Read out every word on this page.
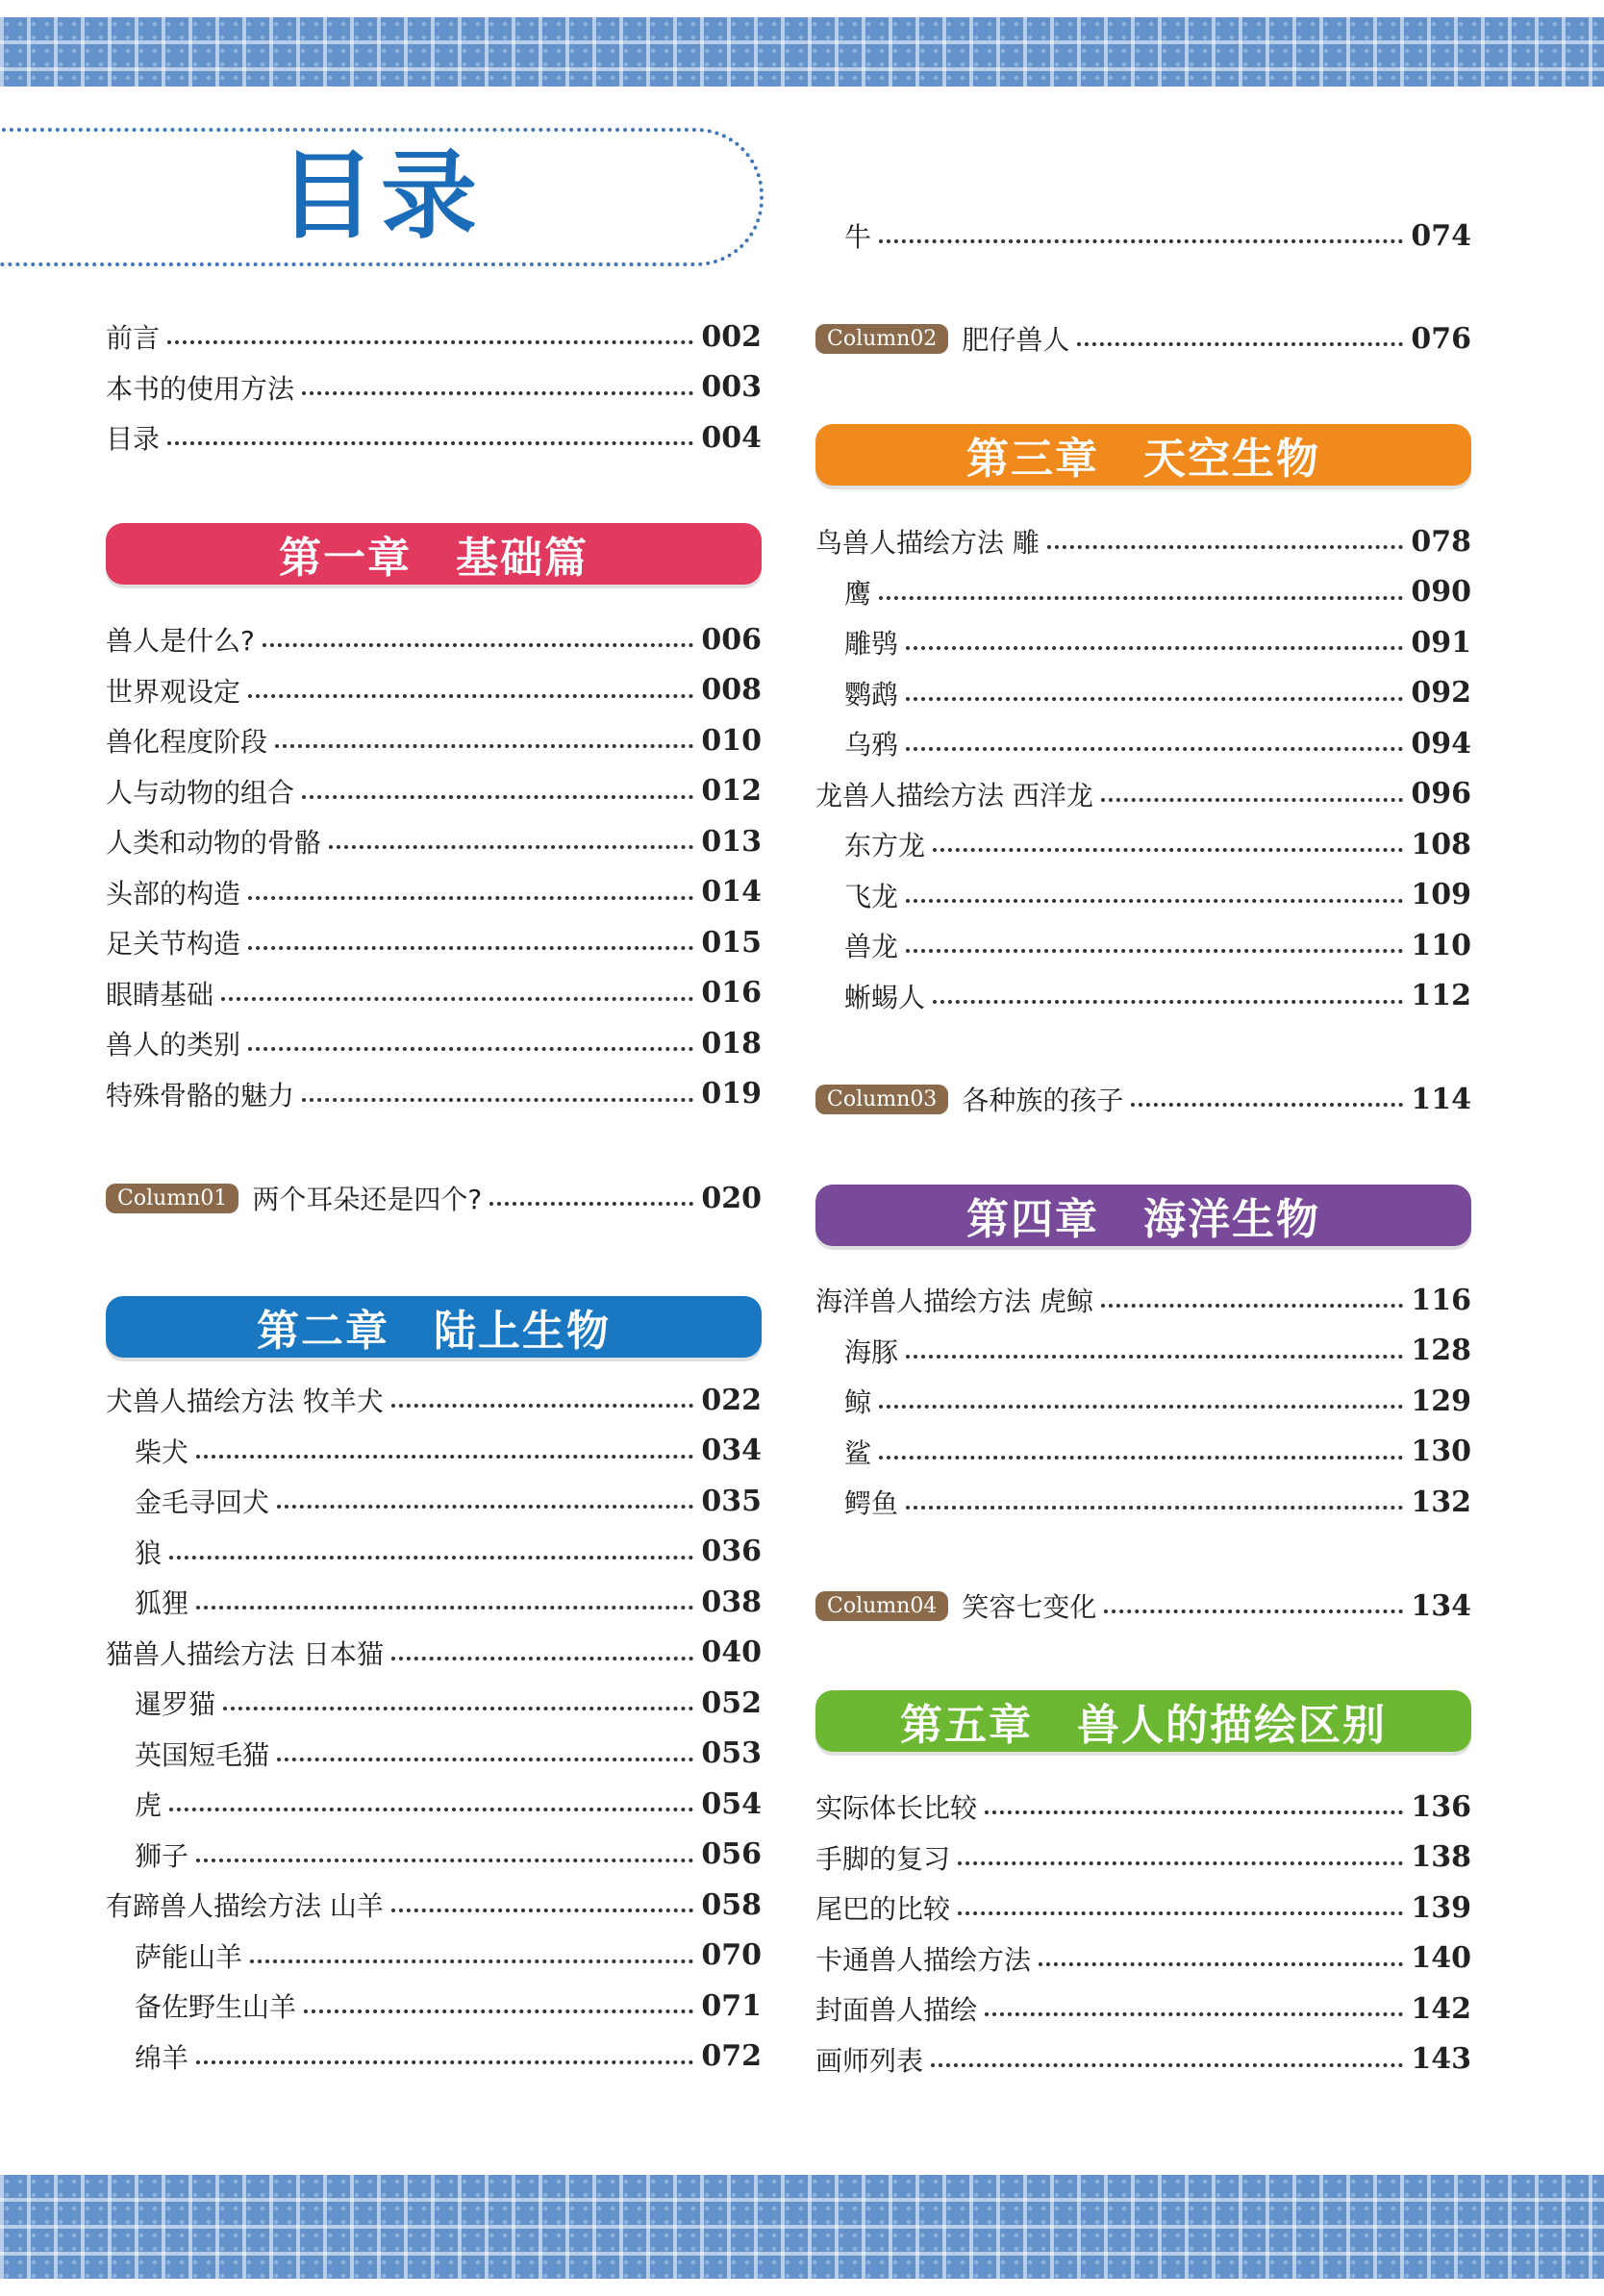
目录
前言	002
本书的使用方法	003
目录	004
第一章　基础篇
兽人是什么?	006
世界观设定	008
兽化程度阶段	010
人与动物的组合	012
人类和动物的骨骼	013
头部的构造	014
足关节构造	015
眼睛基础	016
兽人的类别	018
特殊骨骼的魅力	019
Column01 两个耳朵还是四个?	020
第二章　陆上生物
犬兽人描绘方法 牧羊犬	022
柴犬	034
金毛寻回犬	035
狼	036
狐狸	038
猫兽人描绘方法 日本猫	040
暹罗猫	052
英国短毛猫	053
虎	054
狮子	056
有蹄兽人描绘方法 山羊	058
萨能山羊	070
备佐野生山羊	071
绵羊	072
牛	074
Column02 肥仔兽人	076
第三章　天空生物
鸟兽人描绘方法 雕	078
鹰	090
雕鸮	091
鹦鹉	092
乌鸦	094
龙兽人描绘方法 西洋龙	096
东方龙	108
飞龙	109
兽龙	110
蜥蜴人	112
Column03 各种族的孩子	114
第四章　海洋生物
海洋兽人描绘方法 虎鲸	116
海豚	128
鲸	129
鲨	130
鳄鱼	132
Column04 笑容七变化	134
第五章　兽人的描绘区别
实际体长比较	136
手脚的复习	138
尾巴的比较	139
卡通兽人描绘方法	140
封面兽人描绘	142
画师列表	143
